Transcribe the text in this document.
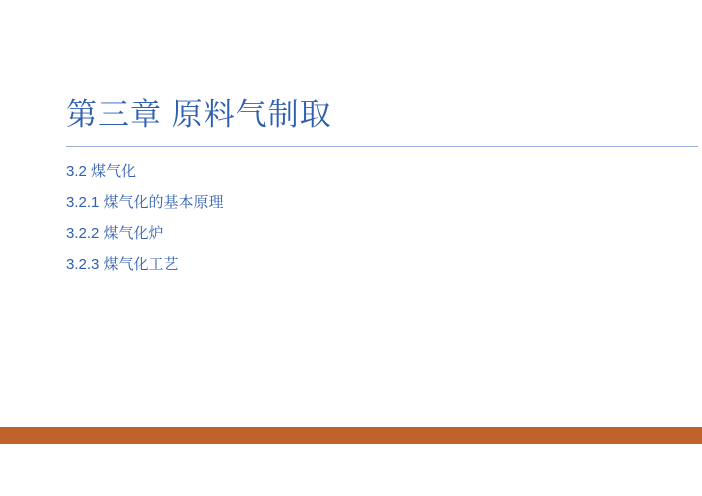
第三章 原料气制取
3.2 煤气化
3.2.1 煤气化的基本原理
3.2.2 煤气化炉
3.2.3 煤气化工艺
